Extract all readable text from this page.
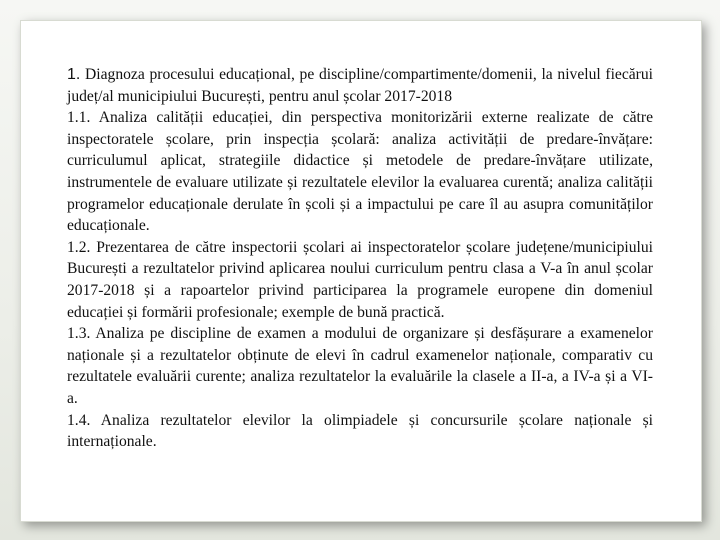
1. Diagnoza procesului educațional, pe discipline/compartimente/domenii, la nivelul fiecărui județ/al municipiului București, pentru anul școlar 2017-2018

1.1. Analiza calității educației, din perspectiva monitorizării externe realizate de către inspectoratele școlare, prin inspecția școlară: analiza activității de predare-învățare: curriculumul aplicat, strategiile didactice și metodele de predare-învățare utilizate, instrumentele de evaluare utilizate și rezultatele elevilor la evaluarea curentă; analiza calității programelor educaționale derulate în școli și a impactului pe care îl au asupra comunităților educaționale.

1.2. Prezentarea de către inspectorii școlari ai inspectoratelor școlare județene/municipiului București a rezultatelor privind aplicarea noului curriculum pentru clasa a V-a în anul școlar 2017-2018 și a rapoartelor privind participarea la programele europene din domeniul educației și formării profesionale; exemple de bună practică.

1.3. Analiza pe discipline de examen a modului de organizare și desfășurare a examenelor naționale și a rezultatelor obținute de elevi în cadrul examenelor naționale, comparativ cu rezultatele evaluării curente; analiza rezultatelor la evaluările la clasele a II-a, a IV-a și a VI-a.

1.4. Analiza rezultatelor elevilor la olimpiadele și concursurile școlare naționale și internaționale.
